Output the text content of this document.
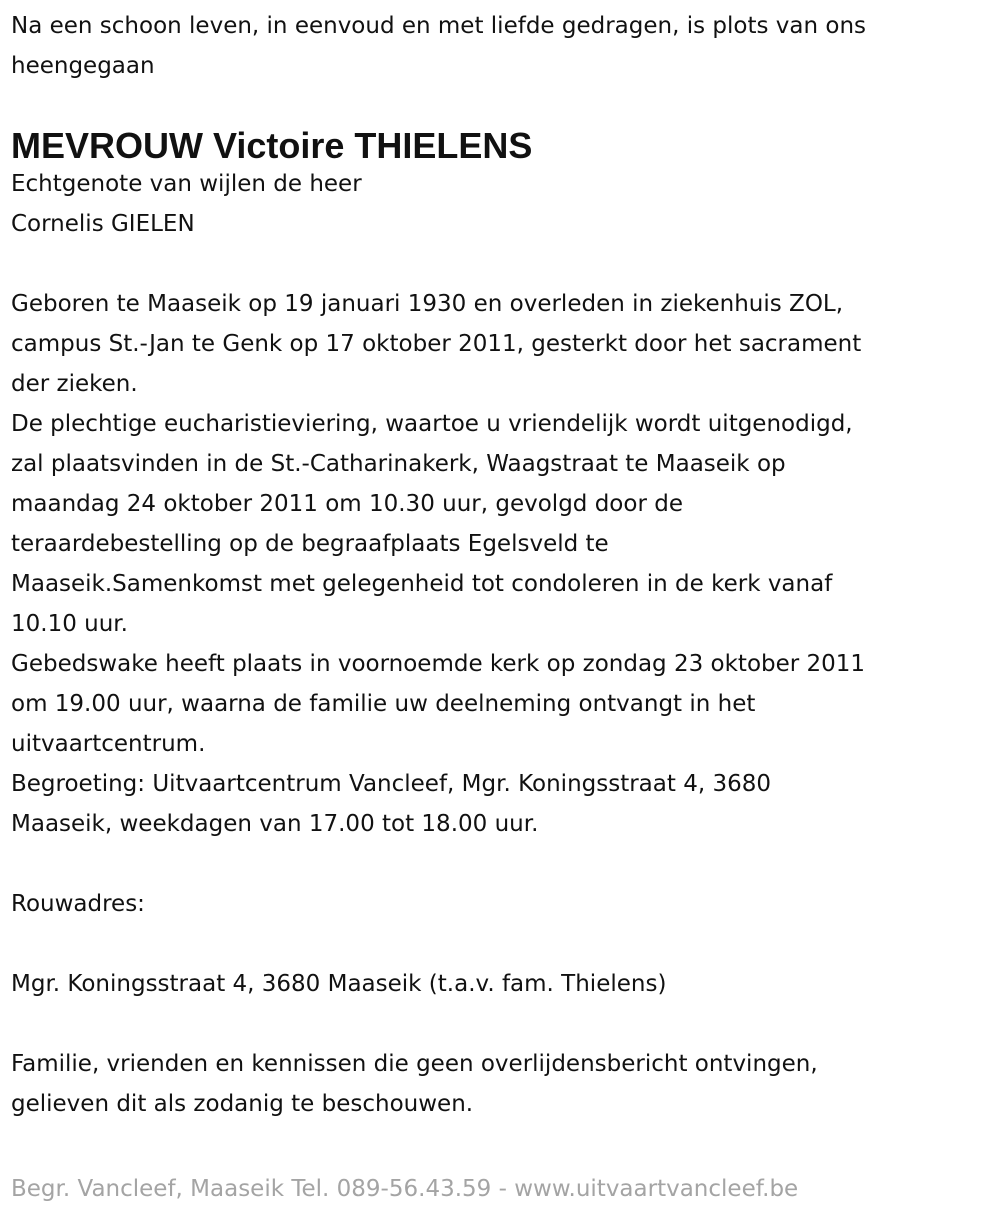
Na een schoon leven, in eenvoud en met liefde gedragen, is plots van ons
heengegaan
MEVROUW Victoire THIELENS
Echtgenote van wijlen de heer
Cornelis GIELEN
Geboren te Maaseik op 19 januari 1930 en overleden in ziekenhuis ZOL,
campus St.-Jan te Genk op 17 oktober 2011, gesterkt door het sacrament
der zieken.
De plechtige eucharistieviering, waartoe u vriendelijk wordt uitgenodigd,
zal plaatsvinden in de St.-Catharinakerk, Waagstraat te Maaseik op
maandag 24 oktober 2011 om 10.30 uur, gevolgd door de
teraardebestelling op de begraafplaats Egelsveld te
Maaseik.Samenkomst met gelegenheid tot condoleren in de kerk vanaf
10.10 uur.
Gebedswake heeft plaats in voornoemde kerk op zondag 23 oktober 2011
om 19.00 uur, waarna de familie uw deelneming ontvangt in het
uitvaartcentrum.
Begroeting: Uitvaartcentrum Vancleef, Mgr. Koningsstraat 4, 3680
Maaseik, weekdagen van 17.00 tot 18.00 uur.
Rouwadres:
Mgr. Koningsstraat 4, 3680 Maaseik (t.a.v. fam. Thielens)
Familie, vrienden en kennissen die geen overlijdensbericht ontvingen,
gelieven dit als zodanig te beschouwen.
Begr. Vancleef, Maaseik Tel. 089-56.43.59 - www.uitvaartvancleef.be
